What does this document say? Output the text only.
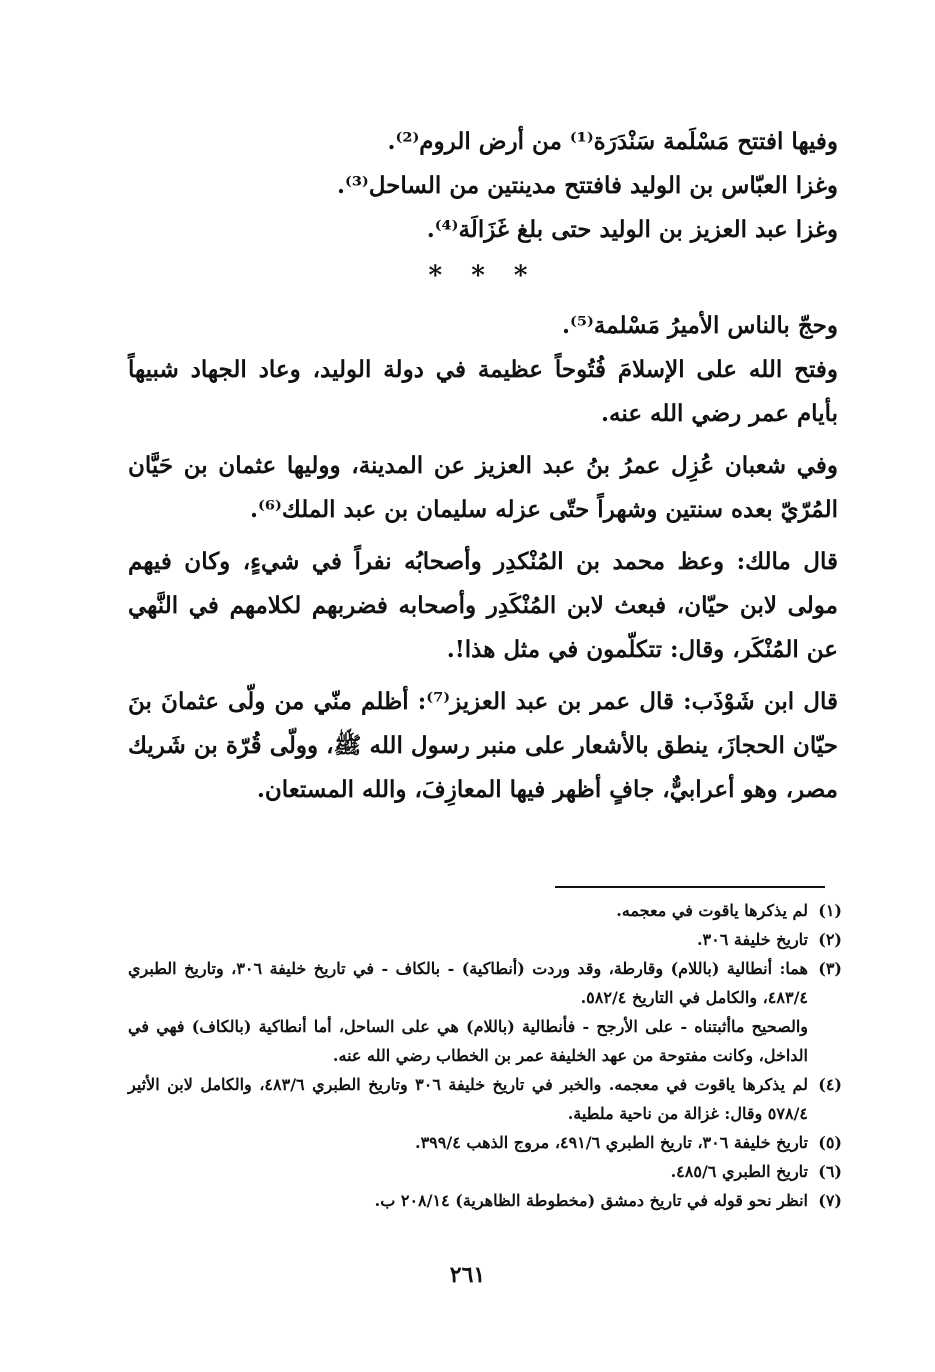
وفيها افتتح مَسْلَمة سَنْدَرَة⁽¹⁾ من أرض الروم⁽²⁾.

وغزا العبّاس بن الوليد فافتتح مدينتين من الساحل⁽³⁾.

وغزا عبد العزيز بن الوليد حتى بلغ غَزَالَة⁽⁴⁾.

* * *

وحجّ بالناس الأميرُ مَسْلمة⁽⁵⁾.

وفتح الله على الإسلامَ فُتُوحاً عظيمة في دولة الوليد، وعاد الجهاد شبيهاً بأيام عمر رضي الله عنه.

وفي شعبان عُزِل عمرُ بنُ عبد العزيز عن المدينة، ووليها عثمان بن حَيَّان المُرّيّ بعده سنتين وشهراً حتّى عزله سليمان بن عبد الملك⁽⁶⁾.

قال مالك: وعظ محمد بن المُنْكدِر وأصحابُه نفراً في شيءٍ، وكان فيهم مولى لابن حيّان، فبعث لابن المُنْكَدِر وأصحابه فضربهم لكلامهم في النَّهي عن المُنْكَر، وقال: تتكلّمون في مثل هذا!.

قال ابن شَوْذَب: قال عمر بن عبد العزيز⁽⁷⁾: أظلم منّي من ولّى عثمانَ بنَ حيّان الحجازَ، ينطق بالأشعار على منبر رسول الله ﷺ، وولّى قُرّة بن شَريك مصر، وهو أعرابيٌّ، جافٍ أظهر فيها المعازِفَ، والله المستعان.

(١)
لم يذكرها ياقوت في معجمه.
(٢)
تاريخ خليفة ٣٠٦.
(٣)
هما: أنطالية (باللام) وقارطة، وقد وردت (أنطاكية) - بالكاف - في تاريخ خليفة ٣٠٦، وتاريخ الطبري ٤٨٣/٤، والكامل في التاريخ ٥٨٢/٤.
والصحيح ماأثبتناه - على الأرجح - فأنطالية (باللام) هي على الساحل، أما أنطاكية (بالكاف) فهي في الداخل، وكانت مفتوحة من عهد الخليفة عمر بن الخطاب رضي الله عنه.
(٤)
لم يذكرها ياقوت في معجمه. والخبر في تاريخ خليفة ٣٠٦ وتاريخ الطبري ٤٨٣/٦، والكامل لابن الأثير ٥٧٨/٤ وقال: غزالة من ناحية ملطية.
(٥)
تاريخ خليفة ٣٠٦، تاريخ الطبري ٤٩١/٦، مروج الذهب ٣٩٩/٤.
(٦)
تاريخ الطبري ٤٨٥/٦.
(٧)
انظر نحو قوله في تاريخ دمشق (مخطوطة الظاهرية) ٢٠٨/١٤ ب.
٢٦١
